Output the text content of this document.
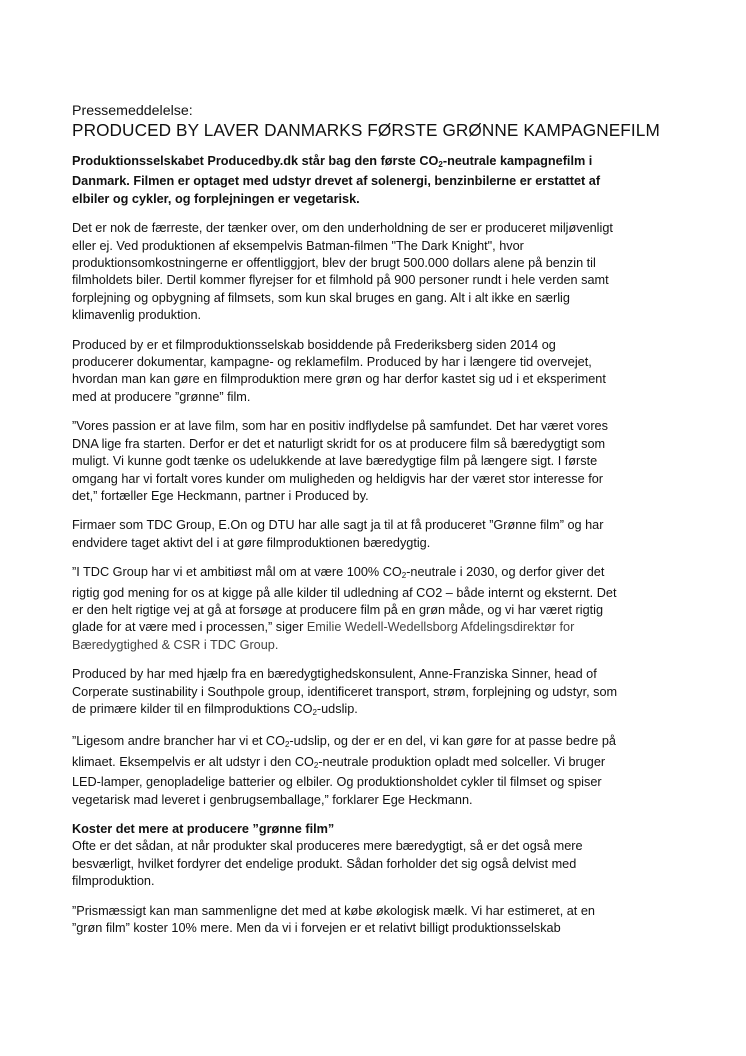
Pressemeddelelse:

PRODUCED BY LAVER DANMARKS FØRSTE GRØNNE KAMPAGNEFILM
Produktionsselskabet Producedby.dk står bag den første $CO_2$-neutrale kampagnefilm i
Danmark. Filmen er optaget med udstyr drevet af solenergi, benzinbilerne er erstattet af
elbiler og cykler, og forplejningen er vegetarisk.

Det er nok de færreste, der tænker over, om den underholdning de ser er produceret miljøvenligt
eller ej. Ved produktionen af eksempelvis Batman-filmen "The Dark Knight", hvor
produktionsomkostningerne er offentliggjort, blev der brugt 500.000 dollars alene på benzin til
filmholdets biler. Dertil kommer flyrejser for et filmhold på 900 personer rundt i hele verden samt
forplejning og opbygning af filmsets, som kun skal bruges en gang. Alt i alt ikke en særlig
klimavenlig produktion.

Produced by er et filmproduktionsselskab bosiddende på Frederiksberg siden 2014 og
producerer dokumentar, kampagne- og reklamefilm. Produced by har i længere tid overvejet,
hvordan man kan gøre en filmproduktion mere grøn og har derfor kastet sig ud i et eksperiment
med at producere ”grønne” film.

”Vores passion er at lave film, som har en positiv indflydelse på samfundet. Det har været vores
DNA lige fra starten. Derfor er det et naturligt skridt for os at producere film så bæredygtigt som
muligt. Vi kunne godt tænke os udelukkende at lave bæredygtige film på længere sigt. I første
omgang har vi fortalt vores kunder om muligheden og heldigvis har der været stor interesse for
det,” fortæller Ege Heckmann, partner i Produced by.

Firmaer som TDC Group, E.On og DTU har alle sagt ja til at få produceret ”Grønne film” og har
endvidere taget aktivt del i at gøre filmproduktionen bæredygtig.

”I TDC Group har vi et ambitiøst mål om at være 100% $CO_2$-neutrale i 2030, og derfor giver det
rigtig god mening for os at kigge på alle kilder til udledning af CO2 – både internt og eksternt. Det
er den helt rigtige vej at gå at forsøge at producere film på en grøn måde, og vi har været rigtig
glade for at være med i processen,” siger Emilie Wedell-Wedellsborg Afdelingsdirektør for
Bæredygtighed & CSR i TDC Group.

Produced by har med hjælp fra en bæredygtighedskonsulent, Anne-Franziska Sinner, head of
Corperate sustinability i Southpole group, identificeret transport, strøm, forplejning og udstyr, som
de primære kilder til en filmproduktions $CO_2$-udslip.

”Ligesom andre brancher har vi et $CO_2$-udslip, og der er en del, vi kan gøre for at passe bedre på
klimaet. Eksempelvis er alt udstyr i den $CO_2$-neutrale produktion opladt med solceller. Vi bruger
LED-lamper, genopladelige batterier og elbiler. Og produktionsholdet cykler til filmset og spiser
vegetarisk mad leveret i genbrugsemballage,” forklarer Ege Heckmann.

Koster det mere at producere ”grønne film”
Ofte er det sådan, at når produkter skal produceres mere bæredygtigt, så er det også mere
besværligt, hvilket fordyrer det endelige produkt. Sådan forholder det sig også delvist med
filmproduktion.

”Prismæssigt kan man sammenligne det med at købe økologisk mælk. Vi har estimeret, at en
”grøn film” koster 10% mere. Men da vi i forvejen er et relativt billigt produktionsselskab
